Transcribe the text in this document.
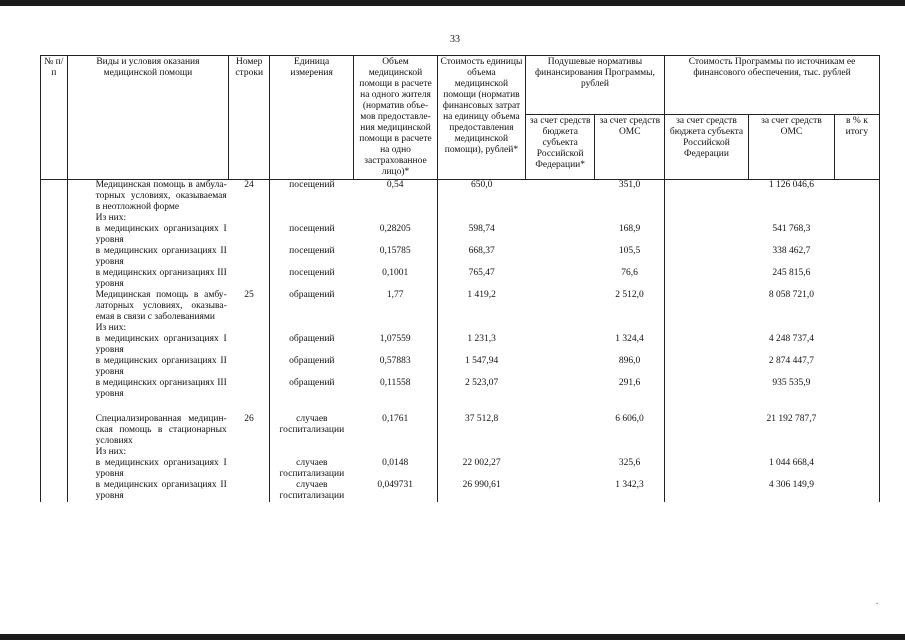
33
№ п/п	Виды и условия оказания медицинской помощи	Номер строки	Единица измерения	Объем медицинской помощи в расчете на одного жителя (норматив объе-мов предоставле-ния медицинской помощи в расчете на одно застрахованное лицо)*	Стоимость единицы объема медицинской помощи (норматив финансовых затрат на единицу объема предоставления медицинской помощи), рублей*	Подушевые нормативы финансирования Программы, рублей		Стоимость Программы по источникам ее финансового обеспечения, тыс. рублей		
						за счет средств бюджета субъекта Российской Федерации*	за счет средств ОМС	за счет средств бюджета субъекта Российской Федерации	за счет средств ОМС	в % к итогу
	Медицинская помощь в амбула-торных условиях, оказываемая в неотложной форме	24	посещений	0,54	650,0		351,0		1 126 046,6	
	Из них:									
	в медицинских организациях I уровня		посещений	0,28205	598,74		168,9		541 768,3	
	в медицинских организациях II уровня		посещений	0,15785	668,37		105,5		338 462,7	
	в медицинских организациях III уровня		посещений	0,1001	765,47		76,6		245 815,6	
	Медицинская помощь в амбу-латорных условиях, оказыва-емая в связи с заболеваниями	25	обращений	1,77	1 419,2		2 512,0		8 058 721,0	
	Из них:									
	в медицинских организациях I уровня		обращений	1,07559	1 231,3		1 324,4		4 248 737,4	
	в медицинских организациях II уровня		обращений	0,57883	1 547,94		896,0		2 874 447,7	
	в медицинских организациях III уровня		обращений	0,11558	2 523,07		291,6		935 535,9	

	Специализированная медицин-ская помощь в стационарных условиях	26	случаев госпитализации	0,1761	37 512,8		6 606,0		21 192 787,7	
	Из них:									
	в медицинских организациях I уровня		случаев госпитализации	0,0148	22 002,27		325,6		1 044 668,4	
	в медицинских организациях II уровня		случаев госпитализации	0,049731	26 990,61		1 342,3		4 306 149,9	
.
